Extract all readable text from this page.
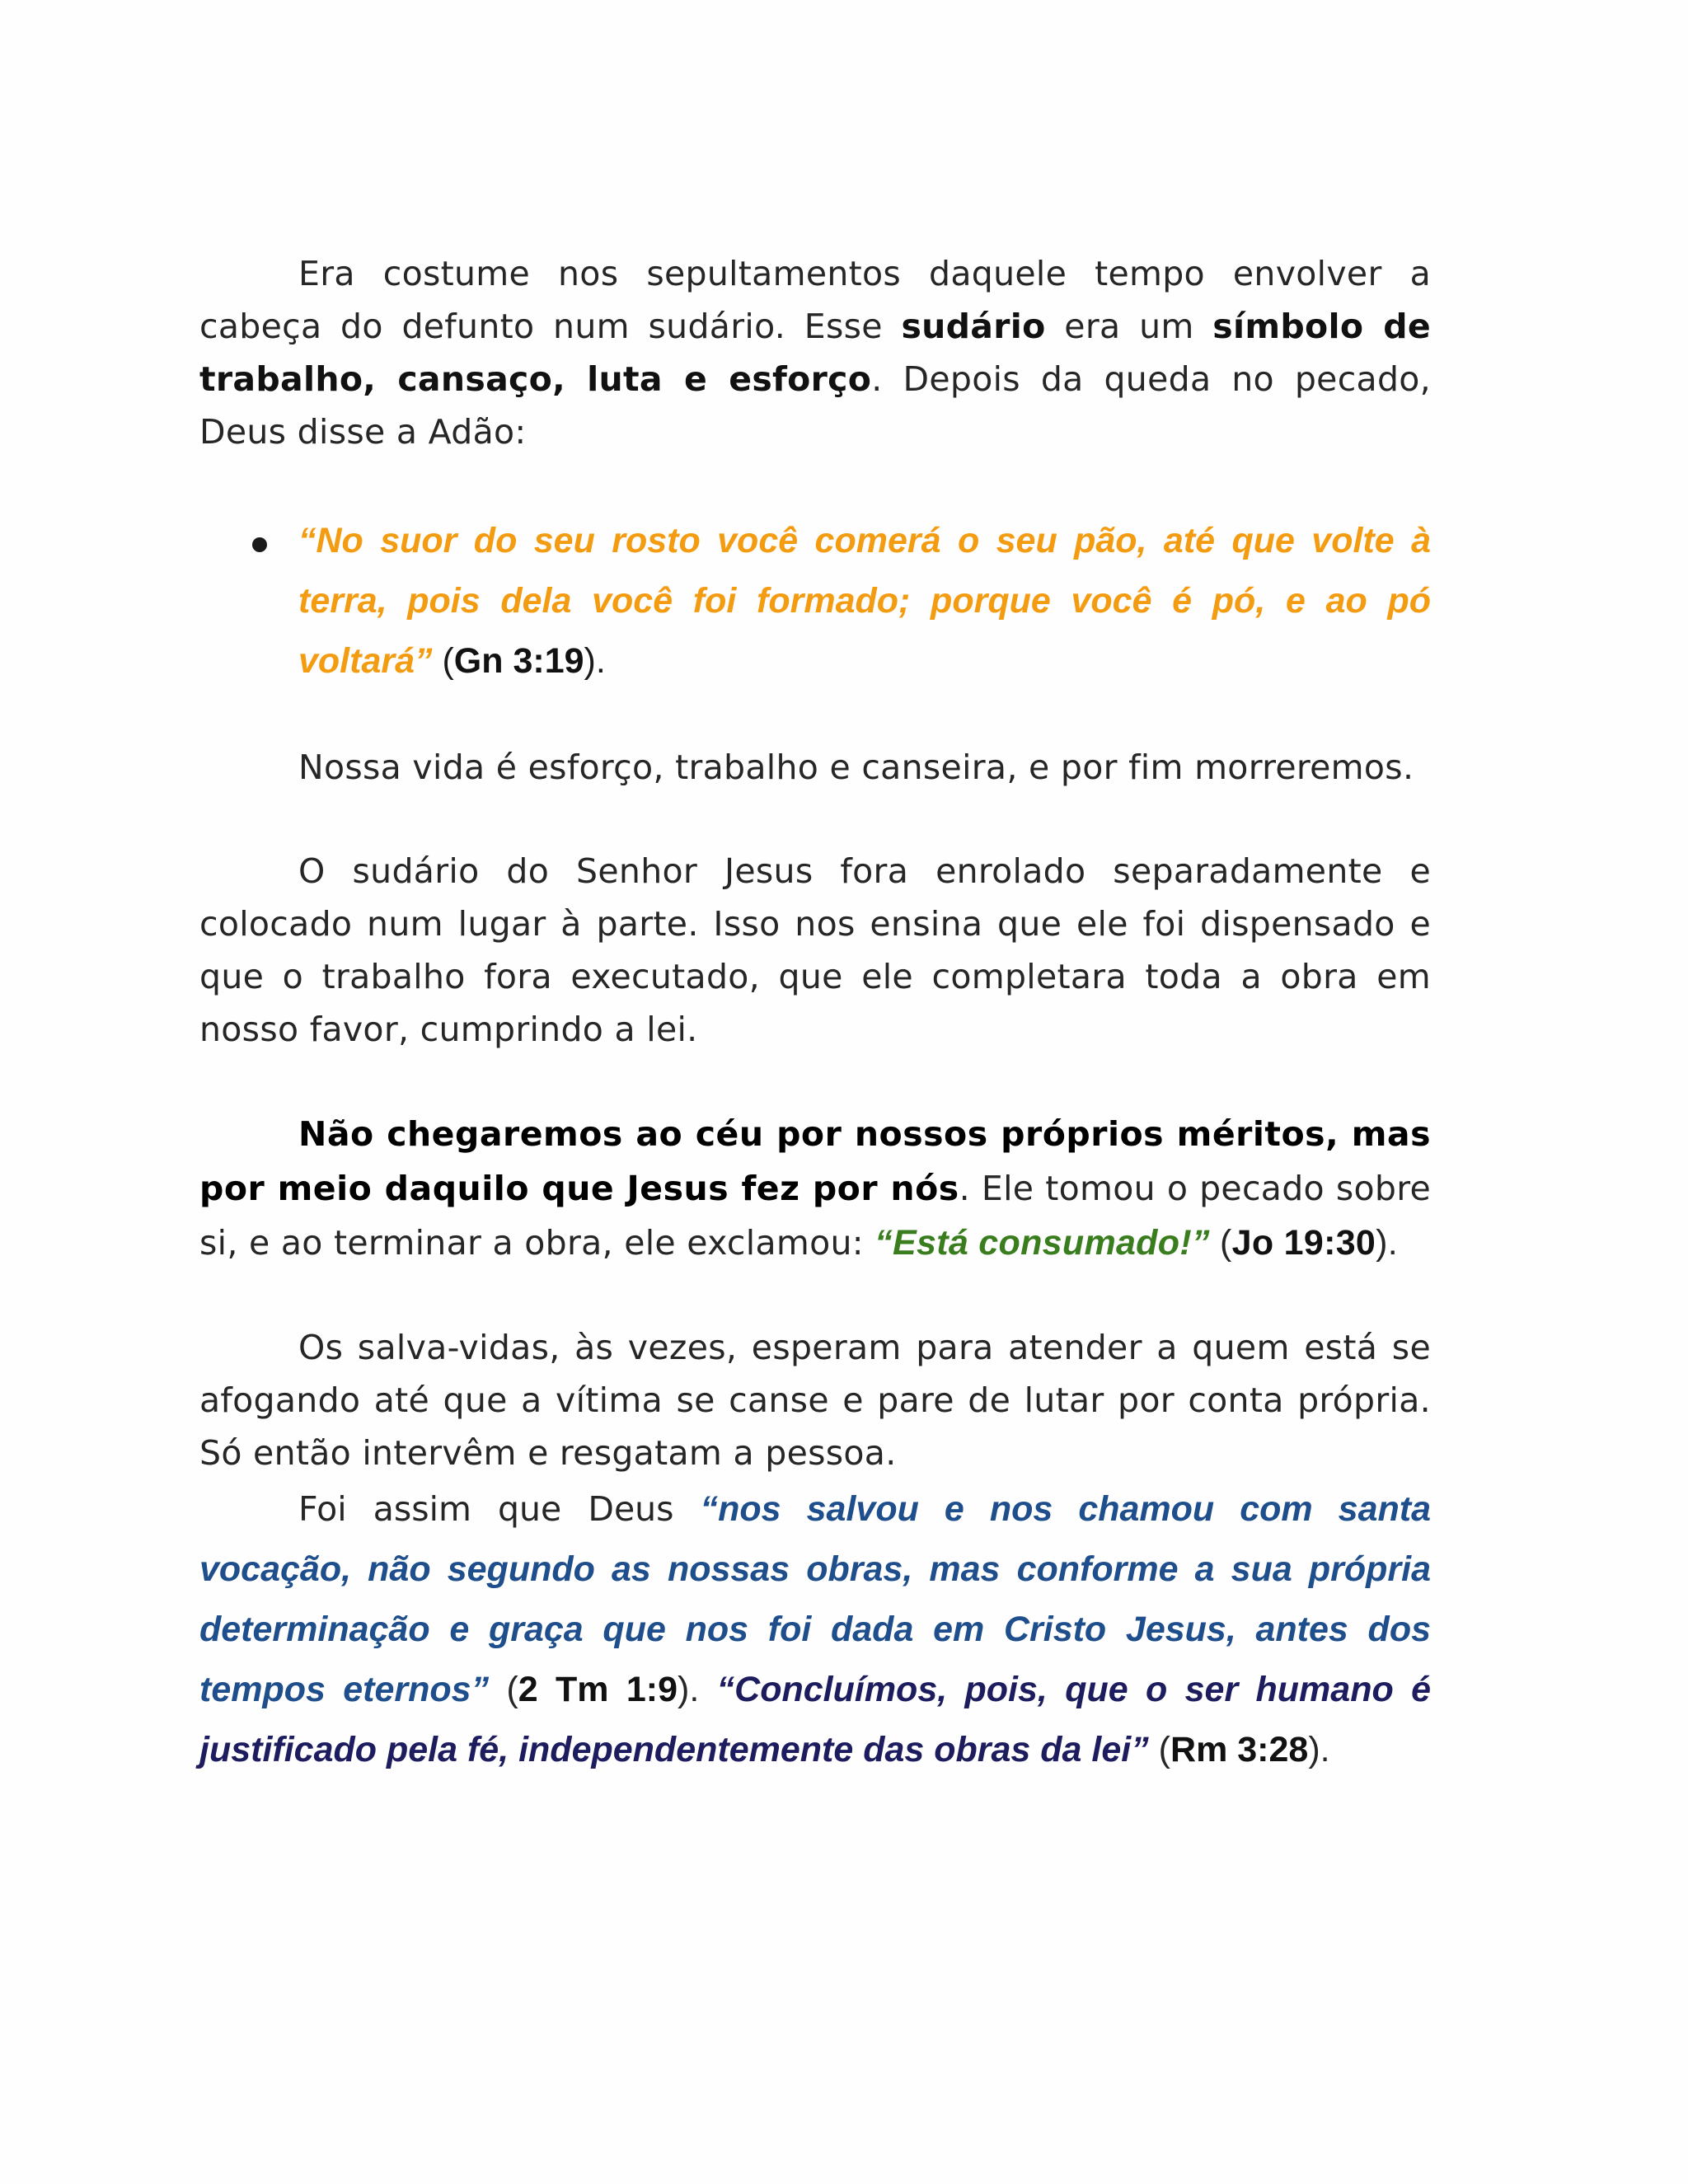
Era costume nos sepultamentos daquele tempo envolver a cabeça do defunto num sudário. Esse sudário era um símbolo de trabalho, cansaço, luta e esforço. Depois da queda no pecado, Deus disse a Adão:

“No suor do seu rosto você comerá o seu pão, até que volte à terra, pois dela você foi formado; porque você é pó, e ao pó voltará” (Gn 3:19).

Nossa vida é esforço, trabalho e canseira, e por fim morreremos.

O sudário do Senhor Jesus fora enrolado separadamente e colocado num lugar à parte. Isso nos ensina que ele foi dispensado e que o trabalho fora executado, que ele completara toda a obra em nosso favor, cumprindo a lei.

Não chegaremos ao céu por nossos próprios méritos, mas por meio daquilo que Jesus fez por nós. Ele tomou o pecado sobre si, e ao terminar a obra, ele exclamou: “Está consumado!” (Jo 19:30).

Os salva-vidas, às vezes, esperam para atender a quem está se afogando até que a vítima se canse e pare de lutar por conta própria. Só então intervêm e resgatam a pessoa.

Foi assim que Deus “nos salvou e nos chamou com santa vocação, não segundo as nossas obras, mas conforme a sua própria determinação e graça que nos foi dada em Cristo Jesus, antes dos tempos eternos” (2 Tm 1:9). “Concluímos, pois, que o ser humano é justificado pela fé, independentemente das obras da lei” (Rm 3:28).
